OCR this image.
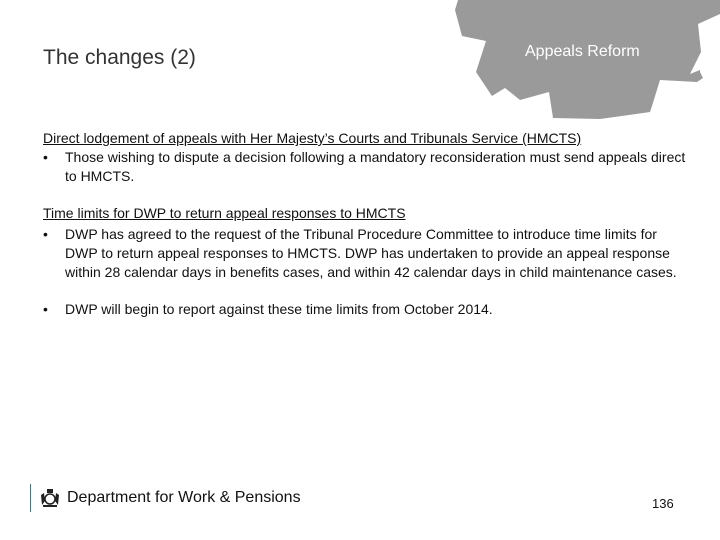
The changes (2)	Appeals Reform
Direct lodgement of appeals with Her Majesty’s Courts and Tribunals Service (HMCTS)
•	Those wishing to dispute a decision following a mandatory reconsideration must send appeals direct to HMCTS.
Time limits for DWP to return appeal responses to HMCTS
•	DWP has agreed to the request of the Tribunal Procedure Committee to introduce time limits for DWP to return appeal responses to HMCTS. DWP has undertaken to provide an appeal response within 28 calendar days in benefits cases, and within 42 calendar days in child maintenance cases.
•	DWP will begin to report against these time limits from October 2014.
Department for Work & Pensions	136
